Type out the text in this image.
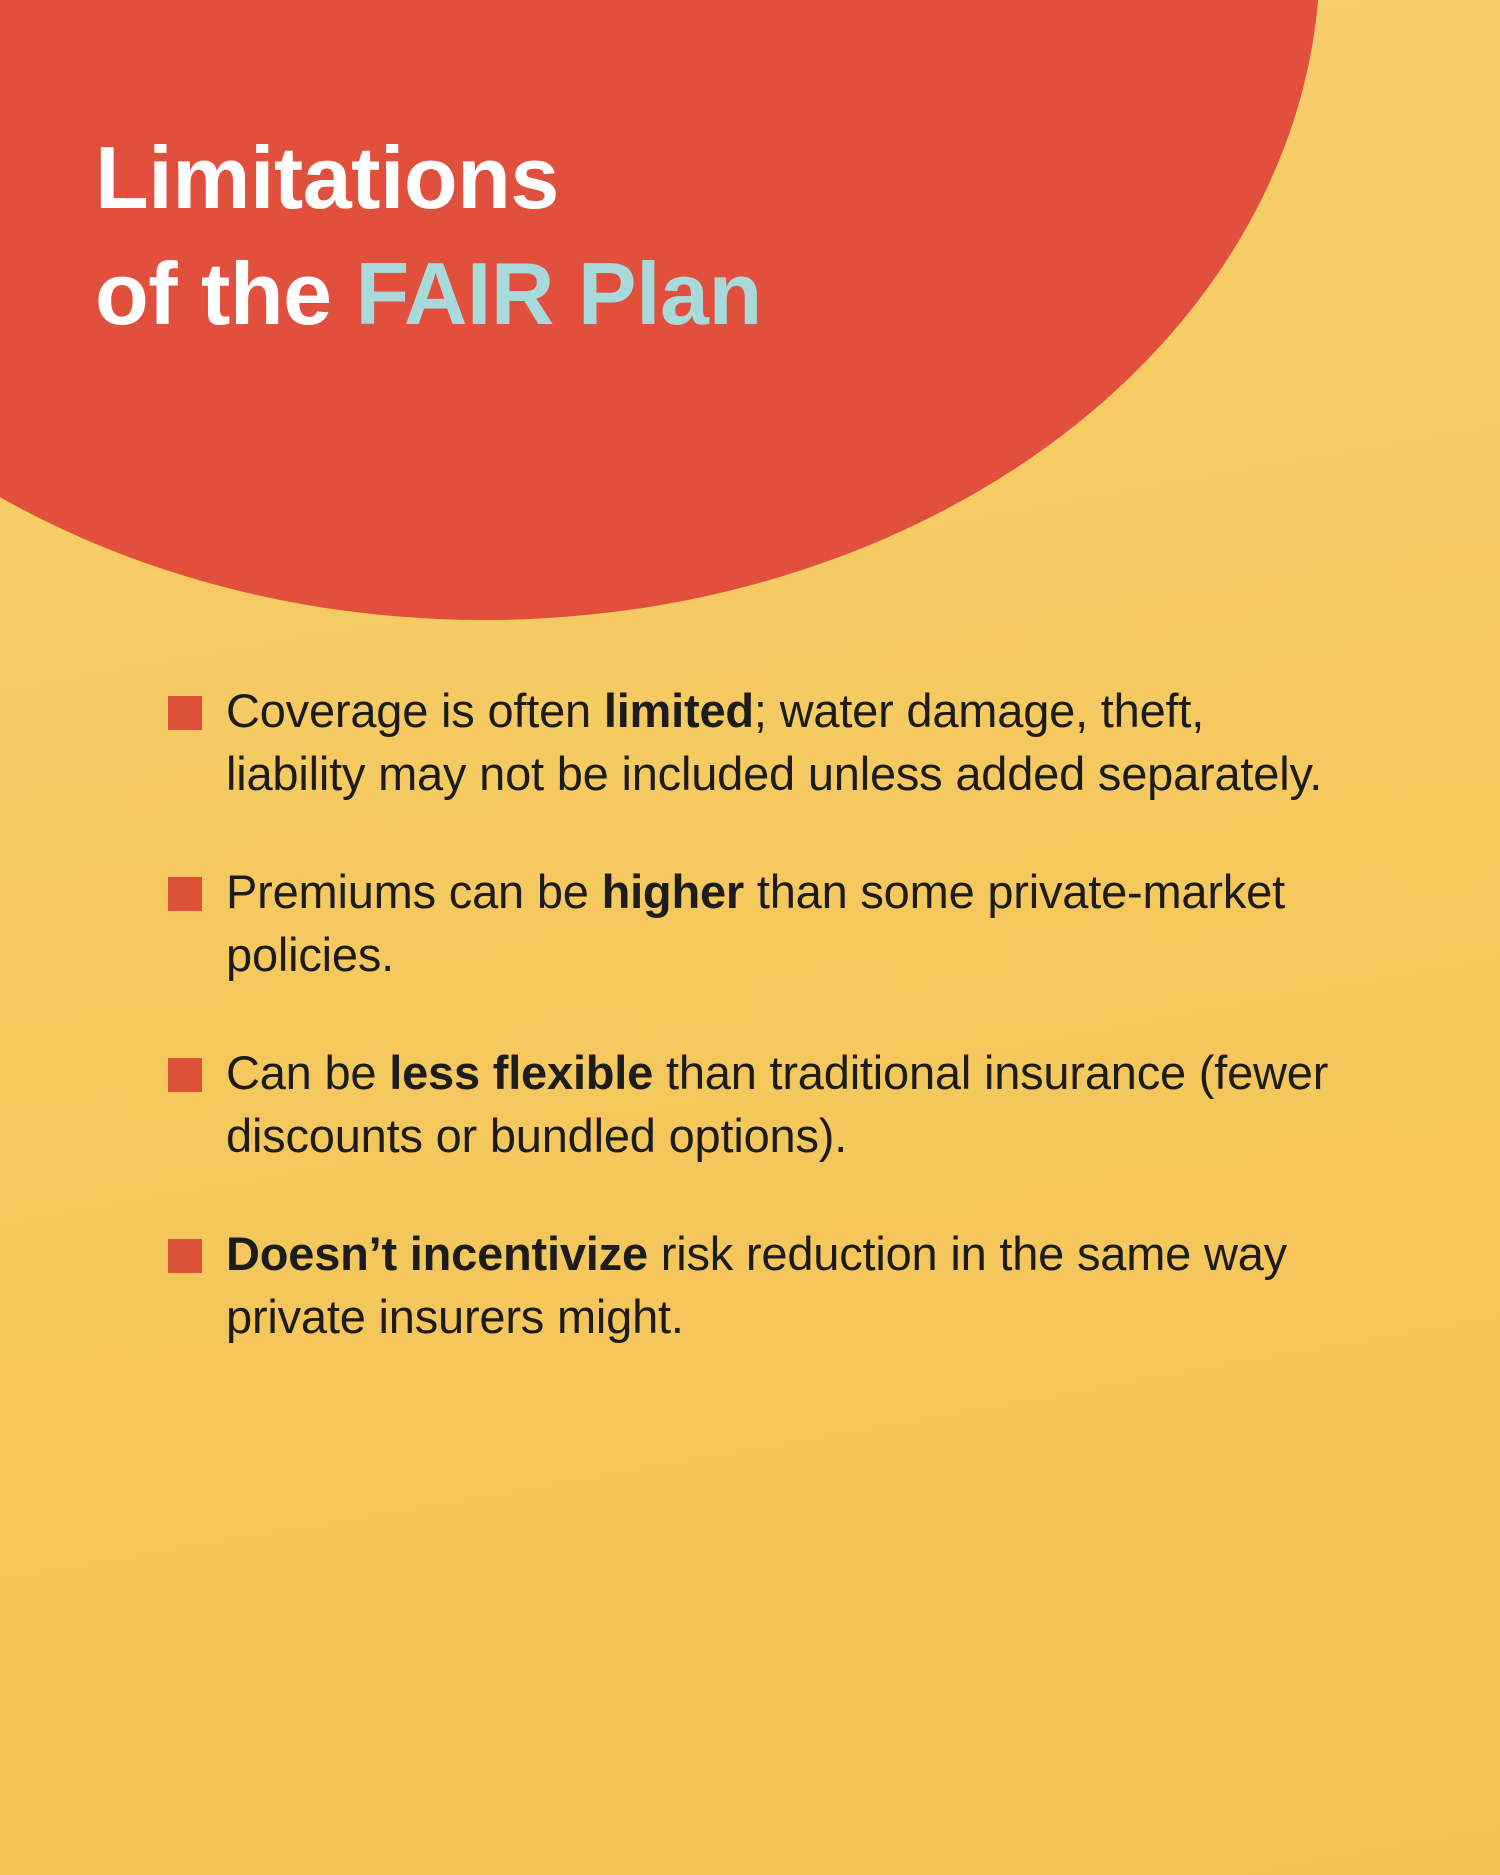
Limitations
of the FAIR Plan
Coverage is often limited; water damage, theft, liability may not be included unless added separately.
Premiums can be higher than some private-market policies.
Can be less flexible than traditional insurance (fewer discounts or bundled options).
Doesn’t incentivize risk reduction in the same way private insurers might.
